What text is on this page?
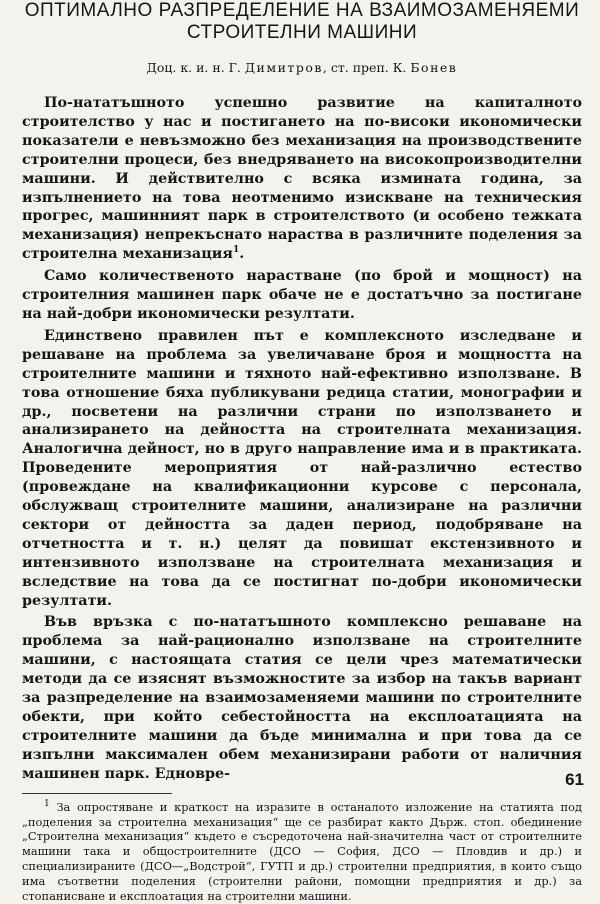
ОПТИМАЛНО РАЗПРЕДЕЛЕНИЕ НА ВЗАИМОЗАМЕНЯЕМИ
СТРОИТЕЛНИ МАШИНИ
Доц. к. и. н. Г. Димитров, ст. преп. К. Бонев

По-нататъшното успешно развитие на капиталното строителство у нас и постигането на по-високи икономически показатели е невъзможно без механизация на производствените строителни процеси, без внедряването на високопроизводителни машини. И действително с всяка измината година, за изпълнението на това неотменимо изискване на техническия прогрес, машинният парк в строителството (и особено тежката механизация) непрекъснато нараства в различните поделения за строителна механизация$^1$.

Само количественото нарастване (по брой и мощност) на строителния машинен парк обаче не е достатъчно за постигане на най-добри икономически резултати.

Единствено правилен път е комплексното изследване и решаване на проблема за увеличаване броя и мощността на строителните машини и тяхното най-ефективно използване. В това отношение бяха публикувани редица статии, монографии и др., посветени на различни страни по използването и анализирането на дейността на строителната механизация. Аналогична дейност, но в друго направление има и в практиката. Проведените мероприятия от най-различно естество (провеждане на квалификационни курсове с персонала, обслужващ строителните машини, анализиране на различни сектори от дейността за даден период, подобряване на отчетността и т. н.) целят да повишат екстензивното и интензивното използване на строителната механизация и вследствие на това да се постигнат по-добри икономически резултати.

Във връзка с по-нататъшното комплексно решаване на проблема за най-рационално използване на строителните машини, с настоящата статия се цели чрез математически методи да се изяснят възможностите за избор на такъв вариант за разпределение на взаимозаменяеми машини по строителните обекти, при който себестойността на експлоатацията на строителните машини да бъде минимална и при това да се изпълни максимален обем механизирани работи от наличния машинен парк. Едновре-

$^1$ За опростяване и краткост на изразите в останалото изложение на статията под „поделения за строителна механизация“ ще се разбират както Държ. стоп. обединение „Строителна механизация“ където е съсредоточена най-значителна част от строителните машини така и общостроителните (ДСО — София, ДСО — Пловдив и др.) и специализираните (ДСО—„Водстрой“, ГУТП и др.) строителни предприятия, в които също има съответни поделения (строителни райони, помощни предприятия и др.) за стопанисване и експлоатация на строителни машини.

61
